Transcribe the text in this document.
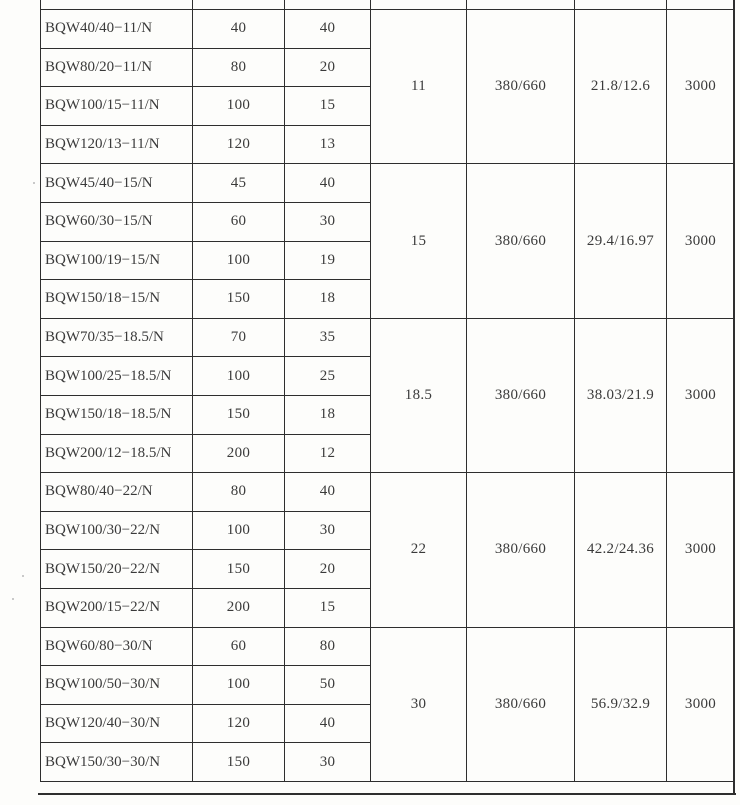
BQW40/40−11/N	40	40	11	380/660	21.8/12.6	3000
BQW80/20−11/N	80	20				
BQW100/15−11/N	100	15				
BQW120/13−11/N	120	13				
BQW45/40−15/N	45	40	15	380/660	29.4/16.97	3000
BQW60/30−15/N	60	30				
BQW100/19−15/N	100	19				
BQW150/18−15/N	150	18				
BQW70/35−18.5/N	70	35	18.5	380/660	38.03/21.9	3000
BQW100/25−18.5/N	100	25				
BQW150/18−18.5/N	150	18				
BQW200/12−18.5/N	200	12				
BQW80/40−22/N	80	40	22	380/660	42.2/24.36	3000
BQW100/30−22/N	100	30				
BQW150/20−22/N	150	20				
BQW200/15−22/N	200	15				
BQW60/80−30/N	60	80	30	380/660	56.9/32.9	3000
BQW100/50−30/N	100	50				
BQW120/40−30/N	120	40				
BQW150/30−30/N	150	30				
